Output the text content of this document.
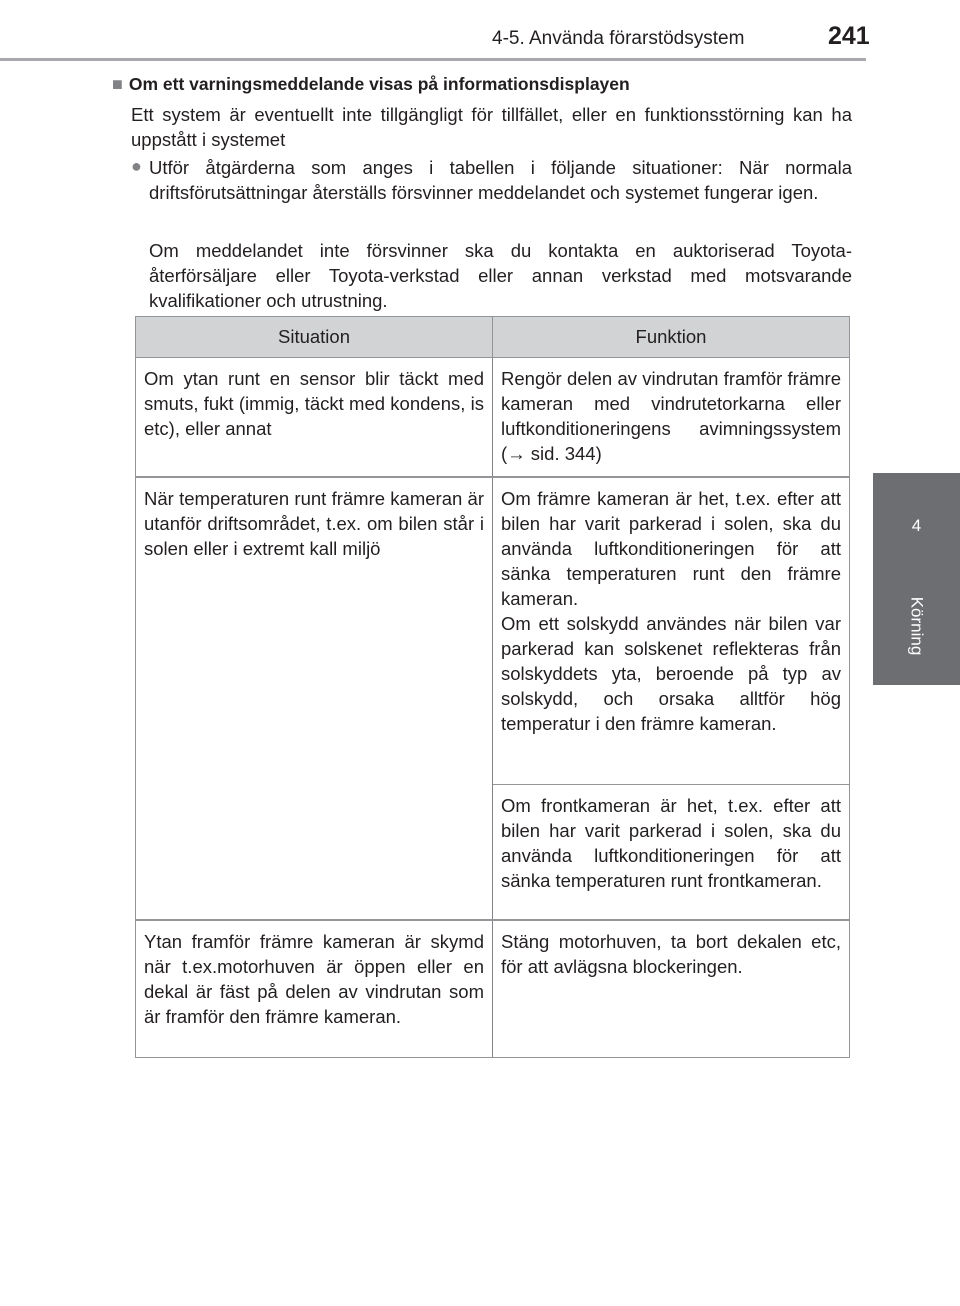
4-5. Använda förarstödsystem	241
4
Körning
■ Om ett varningsmeddelande visas på informationsdisplayen
Ett system är eventuellt inte tillgängligt för tillfället, eller en funktionsstörning kan ha uppstått i systemet
● Utför åtgärderna som anges i tabellen i följande situationer: När normala driftsförutsättningar återställs försvinner meddelandet och systemet fungerar igen.
Om meddelandet inte försvinner ska du kontakta en auktoriserad Toyota-återförsäljare eller Toyota-verkstad eller annan verkstad med motsvarande kvalifikationer och utrustning.
Situation	Funktion
Om ytan runt en sensor blir täckt med smuts, fukt (immig, täckt med kondens, is etc), eller annat	Rengör delen av vindrutan framför främre kameran med vindrutetorkarna eller luftkonditioneringens avimningssystem (→ sid. 344)
När temperaturen runt främre kameran är utanför driftsområdet, t.ex. om bilen står i solen eller i extremt kall miljö	Om främre kameran är het, t.ex. efter att bilen har varit parkerad i solen, ska du använda luftkonditioneringen för att sänka temperaturen runt den främre kameran.
Om ett solskydd användes när bilen var parkerad kan solskenet reflekteras från solskyddets yta, beroende på typ av solskydd, och orsaka alltför hög temperatur i den främre kameran.
	Om frontkameran är het, t.ex. efter att bilen har varit parkerad i solen, ska du använda luftkonditioneringen för att sänka temperaturen runt frontkameran.
Ytan framför främre kameran är skymd när t.ex.motorhuven är öppen eller en dekal är fäst på delen av vindrutan som är framför den främre kameran.	Stäng motorhuven, ta bort dekalen etc, för att avlägsna blockeringen.
